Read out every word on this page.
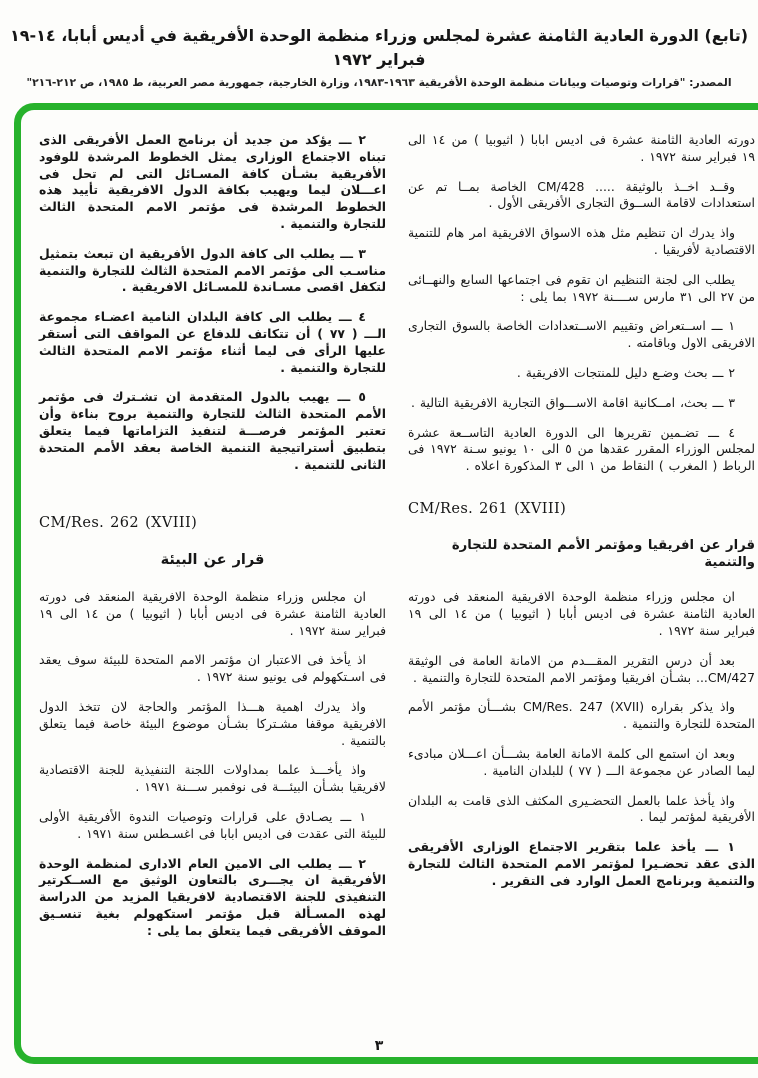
(تابع) الدورة العادية الثامنة عشرة لمجلس وزراء منظمة الوحدة الأفريقية في أديس أبابا، ١٤-١٩ فبراير ١٩٧٢
المصدر: "قرارات وتوصيات وبيانات منظمة الوحدة الأفريقية ١٩٦٣-١٩٨٣، وزارة الخارجية، جمهورية مصر العربية، ط ١٩٨٥، ص ٢١٢-٢١٦"

دورته العادية الثامنة عشرة فى اديس ابابا ( اثيوبيا ) من ١٤ الى ١٩ فبراير سنة ١٩٧٢ .

وقــد اخــذ بالوثيقة ..... CM/428 الخاصة بمــا تم عن استعدادات لاقامة الســوق التجارى الأفريقى الأول .

واذ يدرك ان تنظيم مثل هذه الاسواق الافريقية امر هام للتنمية الاقتصادية لأفريقيا .

يطلب الى لجنة التنظيم ان تقوم فى اجتماعها السابع والنهــائى من ٢٧ الى ٣١ مارس ســــنة ١٩٧٢ بما يلى :

١ ـــ اســتعراض وتقييم الاســتعدادات الخاصة بالسوق التجارى الافريقى الاول وباقامته .

٢ ـــ بحث وضـع دليل للمنتجات الافريقية .

٣ ـــ بحث، امــكانية اقامة الاســـواق التجارية الافريقية التالية .

٤ ـــ تضـمين تقريرها الى الدورة العادية التاســعة عشرة لمجلس الوزراء المقرر عقدها من ٥ الى ١٠ يونيو سـنة ١٩٧٢ فى الرباط ( المغرب ) النقاط من ١ الى ٣ المذكورة اعلاه .

CM/Res. 261 (XVIII)

قرار عن افريقيا ومؤتمر الأمم المتحدة للتجارة والتنمية

ان مجلس وزراء منظمة الوحدة الافريقية المنعقد فى دورته العادية الثامنة عشرة فى اديس أبابا ( اثيوبيا ) من ١٤ الى ١٩ فبراير سنة ١٩٧٢ .

بعد أن درس التقرير المقـــدم من الامانة العامة فى الوثيقة CM/427... بشـأن افريقيا ومؤتمر الامم المتحدة للتجارة والتنمية .

واذ يذكر بقراره CM/Res. 247 (XVII) بشـــأن مؤتمر الأمم المتحدة للتجارة والتنمية .

وبعد ان استمع الى كلمة الامانة العامة بشـــأن اعـــلان مبادىء ليما الصادر عن مجموعة الـــ ( ٧٧ ) للبلدان النامية .

واذ يأخذ علما بالعمل التحضـيرى المكثف الذى قامت به البلدان الأفريقية لمؤتمر ليما .

١ ـــ يأخذ علما بتقرير الاجتماع الوزارى الأفريقى الذى عقد تحضـيرا لمؤتمر الامم المتحدة الثالث للتجارة والتنمية وبرنامج العمل الوارد فى التقرير .

٢ ـــ يؤكد من جديد أن برنامج العمل الأفريقى الذى تبناه الاجتماع الوزارى يمثل الخطوط المرشدة للوفود الأفريقية بشـأن كافة المسـائل التى لم تحل فى اعـــلان ليما ويهيب بكافة الدول الافريقية تأييد هذه الخطوط المرشدة فى مؤتمر الامم المتحدة الثالث للتجارة والتنمية .

٣ ـــ يطلب الى كافة الدول الأفريقية ان تبعث بتمثيل مناسـب الى مؤتمر الامم المتحدة الثالث للتجارة والتنمية لتكفل اقصى مسـاندة للمسـائل الافريقية .

٤ ـــ يطلب الى كافة البلدان النامية اعضـاء مجموعة الـــ ( ٧٧ ) أن تتكاتف للدفاع عن المواقف التى أستقر عليها الرأى فى ليما أثناء مؤتمر الامم المتحدة الثالث للتجارة والتنمية .

٥ ـــ يهيب بالدول المتقدمة ان تشـترك فى مؤتمر الأمم المتحدة الثالث للتجارة والتنمية بروح بناءة وأن تعتبر المؤتمر فرصـــة لتنفيذ التزاماتها فيما يتعلق بتطبيق أستراتيجية التنمية الخاصة بعقد الأمم المتحدة الثانى للتنمية .

CM/Res. 262 (XVIII)

قرار عن البيئة

ان مجلس وزراء منظمة الوحدة الافريقية المنعقد فى دورته العادية الثامنة عشرة فى اديس أبابا ( اثيوبيا ) من ١٤ الى ١٩ فبراير سنة ١٩٧٢ .

اذ يأخذ فى الاعتبار ان مؤتمر الامم المتحدة للبيئة سوف يعقد فى اسـتكهولم فى يونيو سنة ١٩٧٢ .

واذ يدرك اهمية هـــذا المؤتمر والحاجة لان تتخذ الدول الافريقية موقفا مشـتركا بشـأن موضوع البيئة خاصة فيما يتعلق بالتنمية .

واذ يأخـــذ علما بمداولات اللجنة التنفيذية للجنة الاقتصادية لافريقيا بشـأن البيئـــة فى نوفمبر ســـنة ١٩٧١ .

١ ـــ يصـادق على قرارات وتوصيات الندوة الأفريقية الأولى للبيئة التى عقدت فى اديس ابابا فى اغسـطس سنة ١٩٧١ .

٢ ـــ يطلب الى الامين العام الادارى لمنظمة الوحدة الأفريقية ان يجـــرى بالتعاون الوثيق مع الســكرتير التنفيذى للجنة الاقتصادية لافريقيا المزيد من الدراسة لهذه المسـألة قبل مؤتمر استكهولم بغية تنسـيق الموقف الأفريقى فيما يتعلق بما يلى :

٣
